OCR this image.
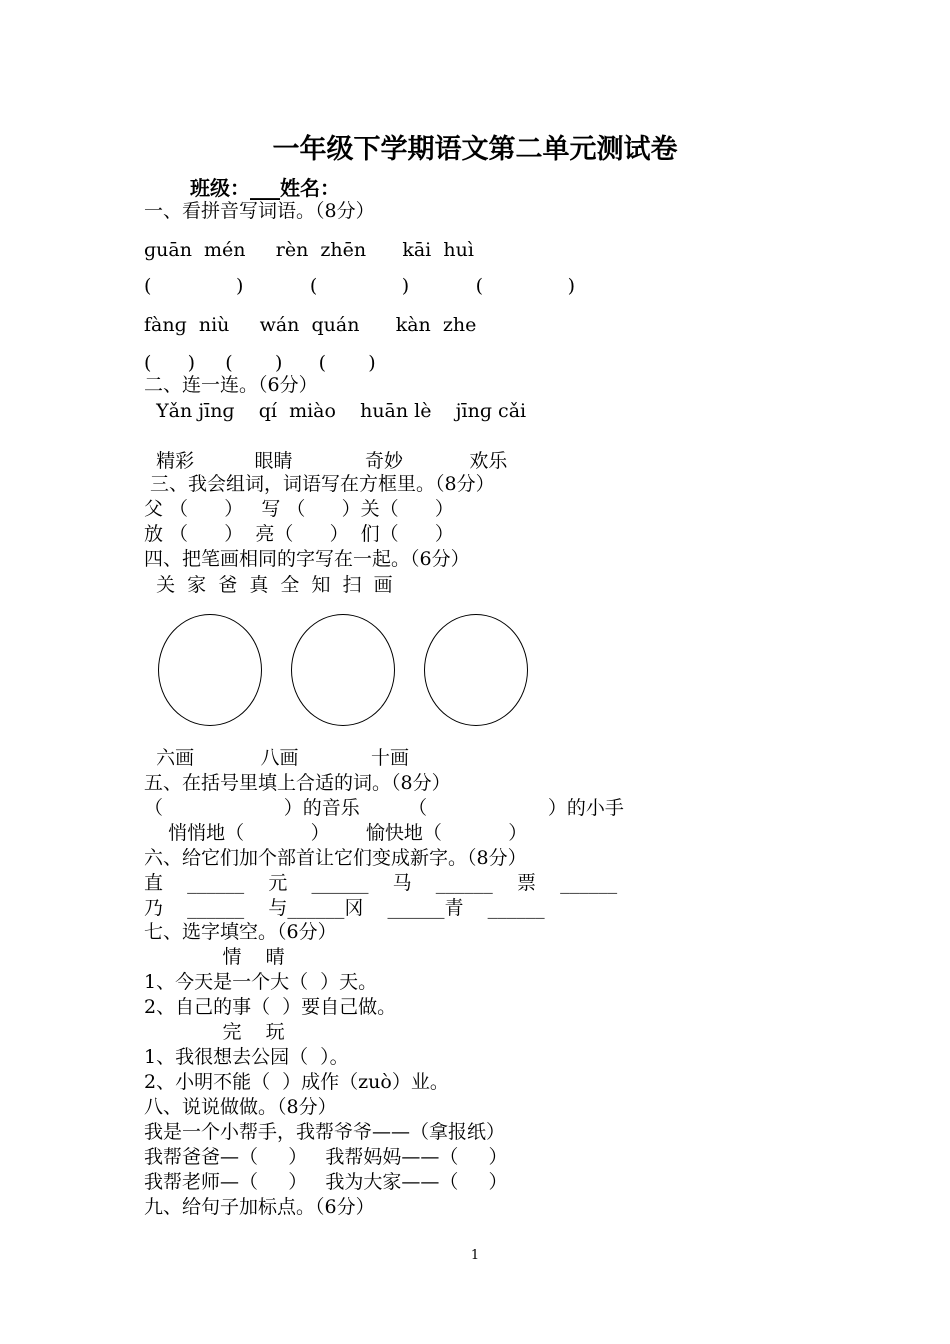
一年级下学期语文第二单元测试卷
班级：___姓名：
一、看拼音写词语。（8分）
ɡuān  mén     rèn  zhēn      kāi  huì
(              )           (              )           (              )
fànɡ  niù     wán  quán      kàn  zhe
(      )     (       )      (       )
二、连一连。（6分）
Yǎn jīnɡ    qí  miào    huān lè    jīnɡ cǎi
精彩          眼睛            奇妙           欢乐
三、我会组词，词语写在方框里。（8分）
父 （      ）   写 （      ）关（      ）
放 （      ）  亮（      ）  们（      ）
四、把笔画相同的字写在一起。（6分）
关  家  爸  真  全  知  扫  画
六画           八画            十画
五、在括号里填上合适的词。（8分）
（                    ）的音乐        （                    ）的小手
悄悄地（           ）      愉快地（           ）
六、给它们加个部首让它们变成新字。（8分）
直    ______    元    ______    马    ______    票    ______
乃    ______    与______冈    ______青    ______
七、选字填空。（6分）
情    晴
1、今天是一个大（  ）天。
2、自己的事（  ）要自己做。
完    玩
1、我很想去公园（  ）。
2、小明不能（  ）成作（zuò）业。
八、说说做做。（8分）
我是一个小帮手，我帮爷爷——（拿报纸）
我帮爸爸—（     ）   我帮妈妈——（     ）
我帮老师—（     ）   我为大家——（     ）
九、给句子加标点。（6分）
1
